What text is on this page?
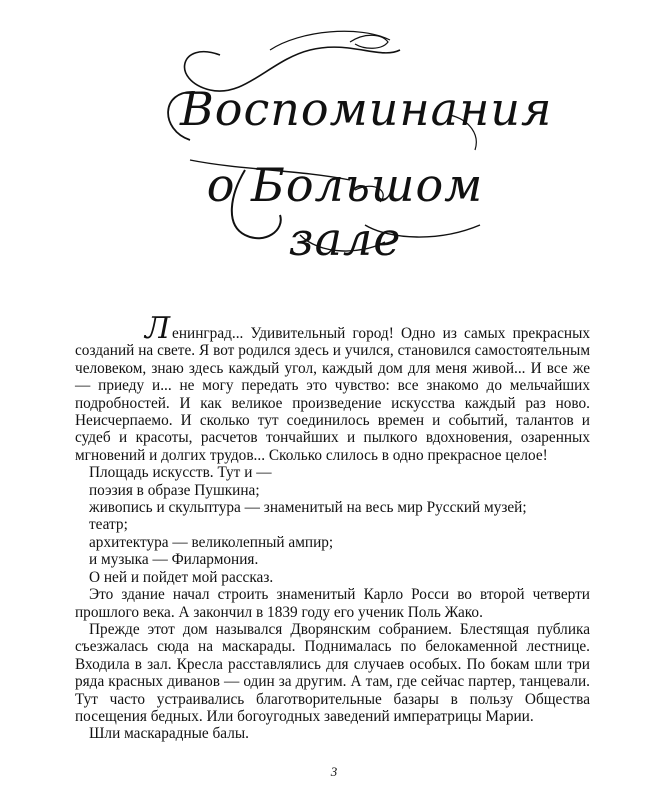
Воспоминания
о Большом зале

Ленинград... Удивительный город! Одно из самых прекрасных созданий на свете. Я вот родился здесь и учился, становился самостоятельным человеком, знаю здесь каждый угол, каждый дом для меня живой... И все же — приеду и... не могу передать это чувство: все знакомо до мельчайших подробностей. И как великое произведение искусства каждый раз ново. Неисчерпаемо. И сколько тут соединилось времен и событий, талантов и судеб и красоты, расчетов тончайших и пылкого вдохновения, озаренных мгновений и долгих трудов... Сколько слилось в одно прекрасное целое!

Площадь искусств. Тут и —

поэзия в образе Пушкина;

живопись и скульптура — знаменитый на весь мир Русский музей;

театр;

архитектура — великолепный ампир;

и музыка — Филармония.

О ней и пойдет мой рассказ.

Это здание начал строить знаменитый Карло Росси во второй четверти прошлого века. А закончил в 1839 году его ученик Поль Жако.

Прежде этот дом назывался Дворянским собранием. Блестящая публика съезжалась сюда на маскарады. Поднималась по белокаменной лестнице. Входила в зал. Кресла расставлялись для случаев особых. По бокам шли три ряда красных диванов — один за другим. А там, где сейчас партер, танцевали. Тут часто устраивались благотворительные базары в пользу Общества посещения бедных. Или богоугодных заведений императрицы Марии.

Шли маскарадные балы.

3
